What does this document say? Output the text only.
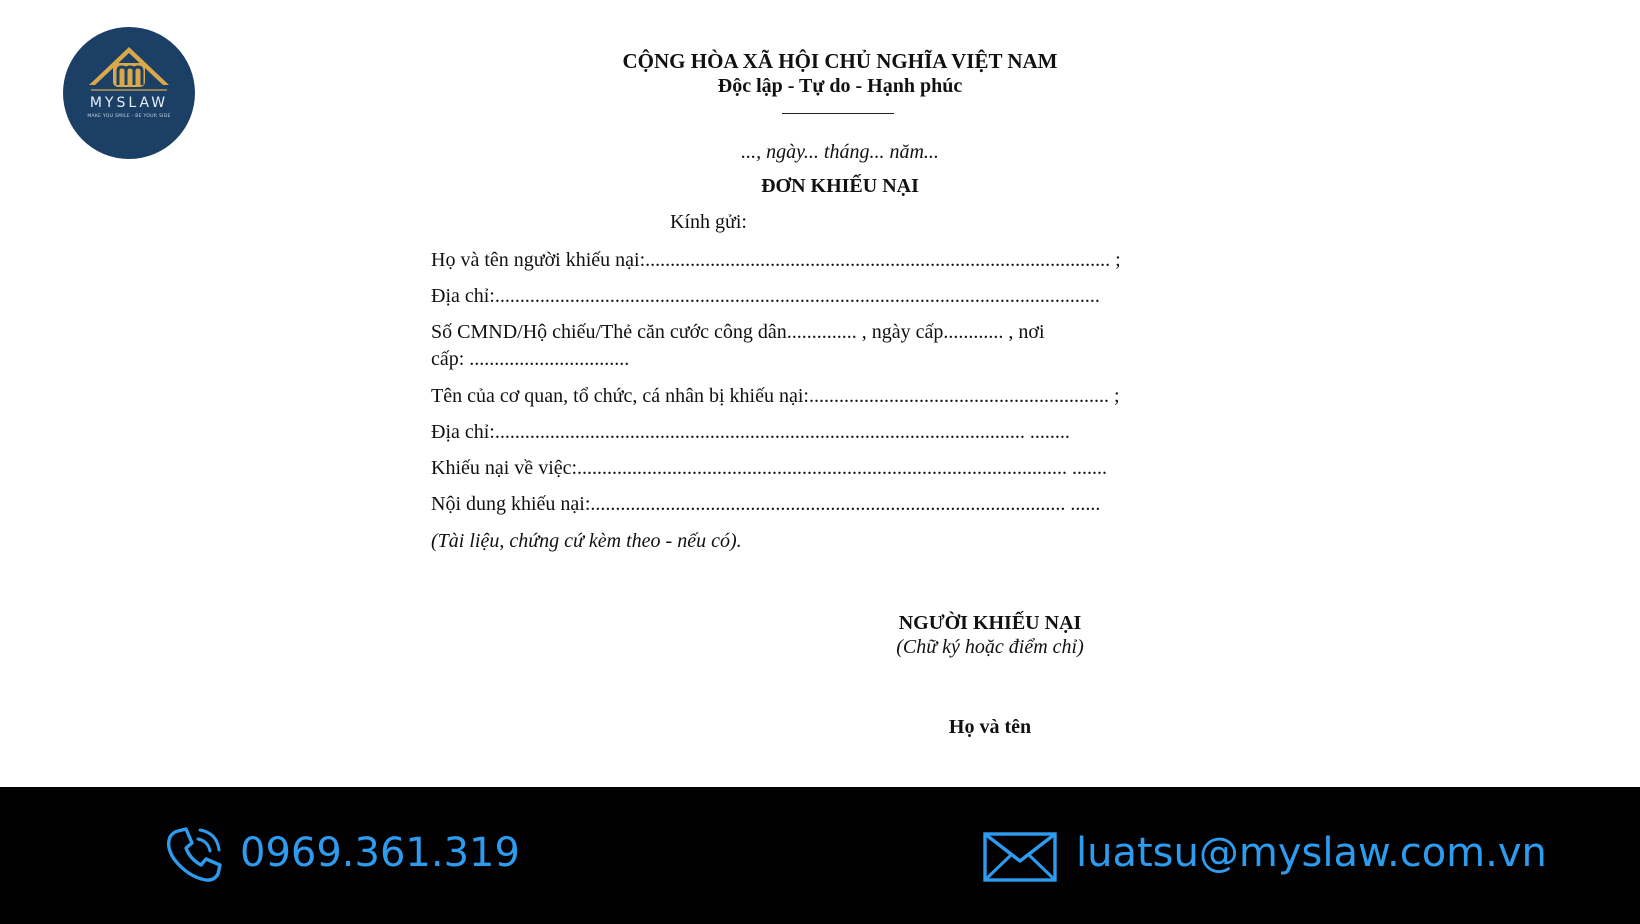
MYSLAW
MAKE YOU SMILE - BE YOUR SIDE
CỘNG HÒA XÃ HỘI CHỦ NGHĨA VIỆT NAM
Độc lập - Tự do - Hạnh phúc
..., ngày... tháng... năm...
ĐƠN KHIẾU NẠI
Kính gửi:
Họ và tên người khiếu nại:............................................................................................. ;
Địa chỉ:.........................................................................................................................
Số CMND/Hộ chiếu/Thẻ căn cước công dân.............. , ngày cấp............ , nơi
cấp: ................................
Tên của cơ quan, tổ chức, cá nhân bị khiếu nại:............................................................ ;
Địa chỉ:.......................................................................................................... ........
Khiếu nại về việc:.................................................................................................. .......
Nội dung khiếu nại:............................................................................................... ......
(Tài liệu, chứng cứ kèm theo - nếu có).
NGƯỜI KHIẾU NẠI
(Chữ ký hoặc điểm chỉ)
Họ và tên
0969.361.319	luatsu@myslaw.com.vn
